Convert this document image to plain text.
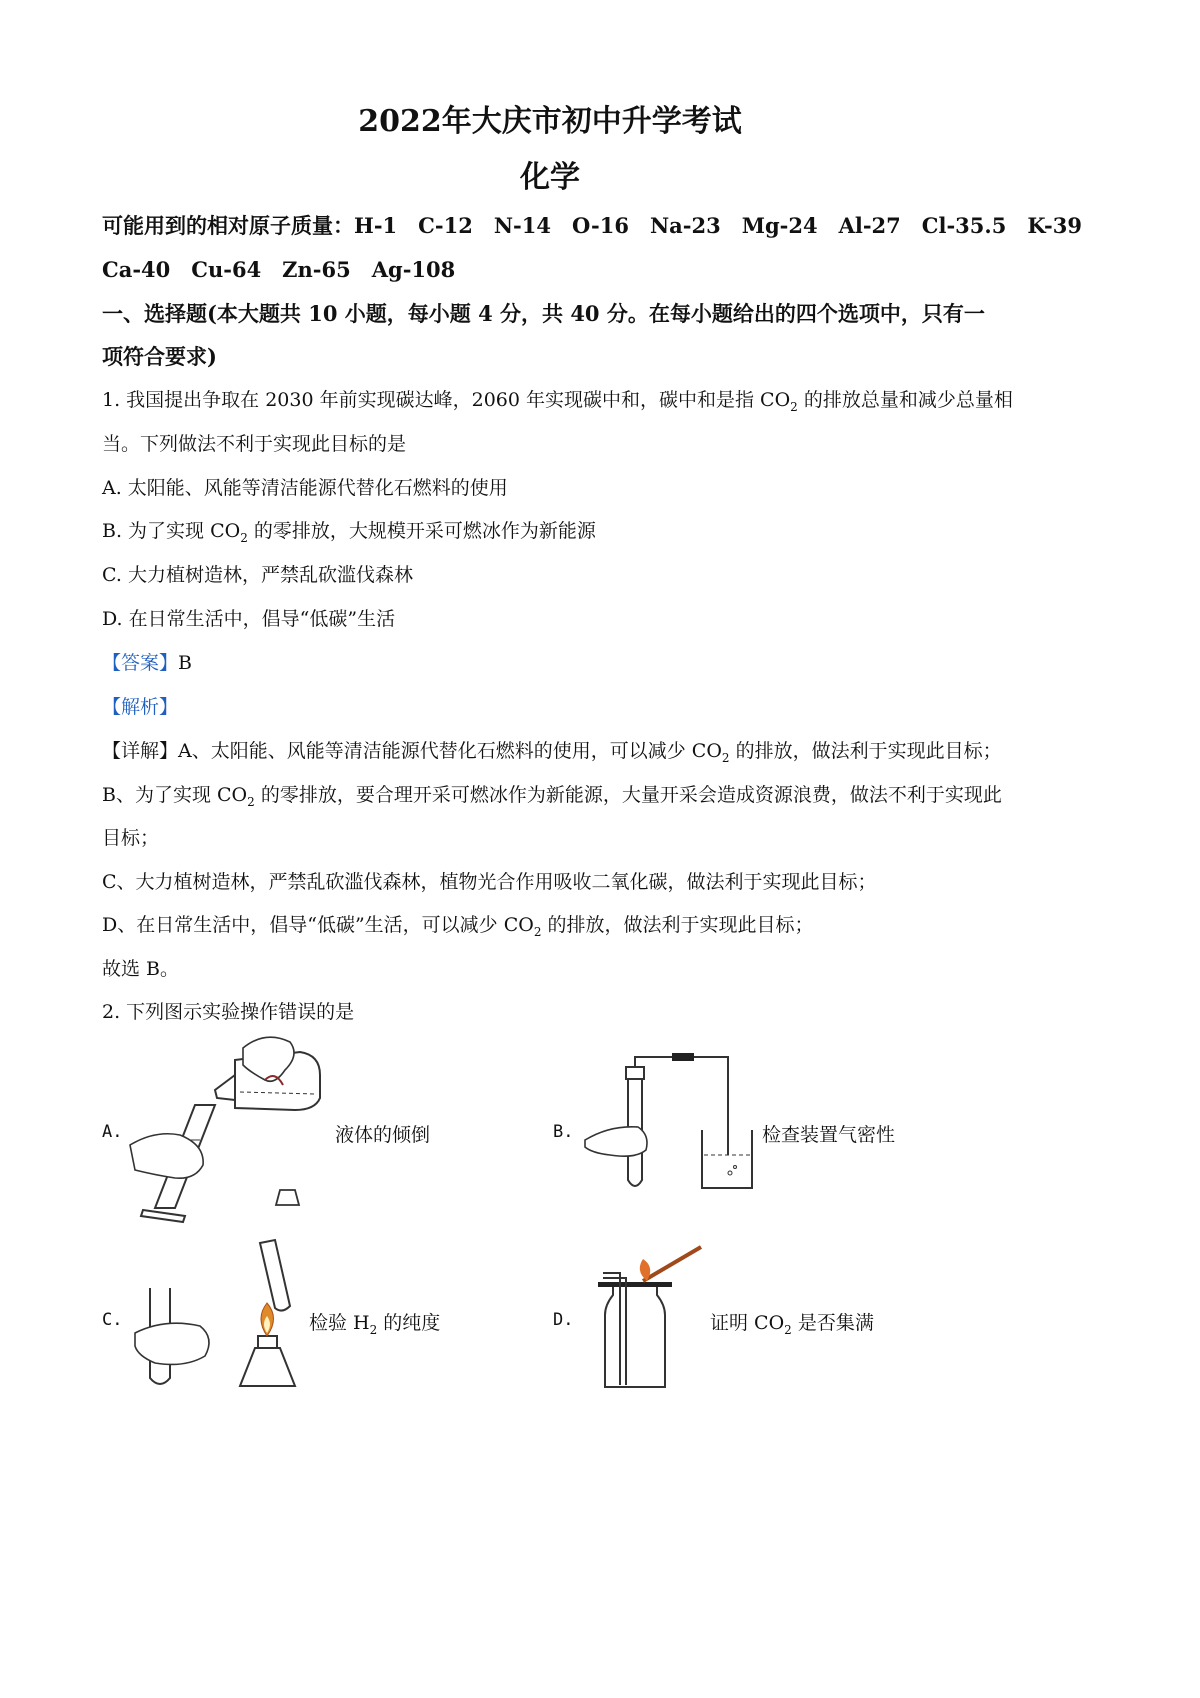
2022年大庆市初中升学考试
化学
可能用到的相对原子质量：H-1　C-12　N-14　O-16　Na-23　Mg-24　Al-27　Cl-35.5　K-39
Ca-40　Cu-64　Zn-65　Ag-108
一、选择题(本大题共 10 小题，每小题 4 分，共 40 分。在每小题给出的四个选项中，只有一
项符合要求)
1. 我国提出争取在 2030 年前实现碳达峰，2060 年实现碳中和，碳中和是指 $CO_2$ 的排放总量和减少总量相
当。下列做法不利于实现此目标的是
A. 太阳能、风能等清洁能源代替化石燃料的使用
B. 为了实现 $CO_2$ 的零排放，大规模开采可燃冰作为新能源
C. 大力植树造林，严禁乱砍滥伐森林
D. 在日常生活中，倡导“低碳”生活
【答案】B
【解析】
【详解】A、太阳能、风能等清洁能源代替化石燃料的使用，可以减少 $CO_2$ 的排放，做法利于实现此目标；
B、为了实现 $CO_2$ 的零排放，要合理开采可燃冰作为新能源，大量开采会造成资源浪费，做法不利于实现此
目标；
C、大力植树造林，严禁乱砍滥伐森林，植物光合作用吸收二氧化碳，做法利于实现此目标；
D、在日常生活中，倡导“低碳”生活，可以减少 $CO_2$ 的排放，做法利于实现此目标；
故选 B。
2. 下列图示实验操作错误的是
A.	液体的倾倒	B.	检查装置气密性
C.	检验 $H_2$ 的纯度	D.	证明 $CO_2$ 是否集满
